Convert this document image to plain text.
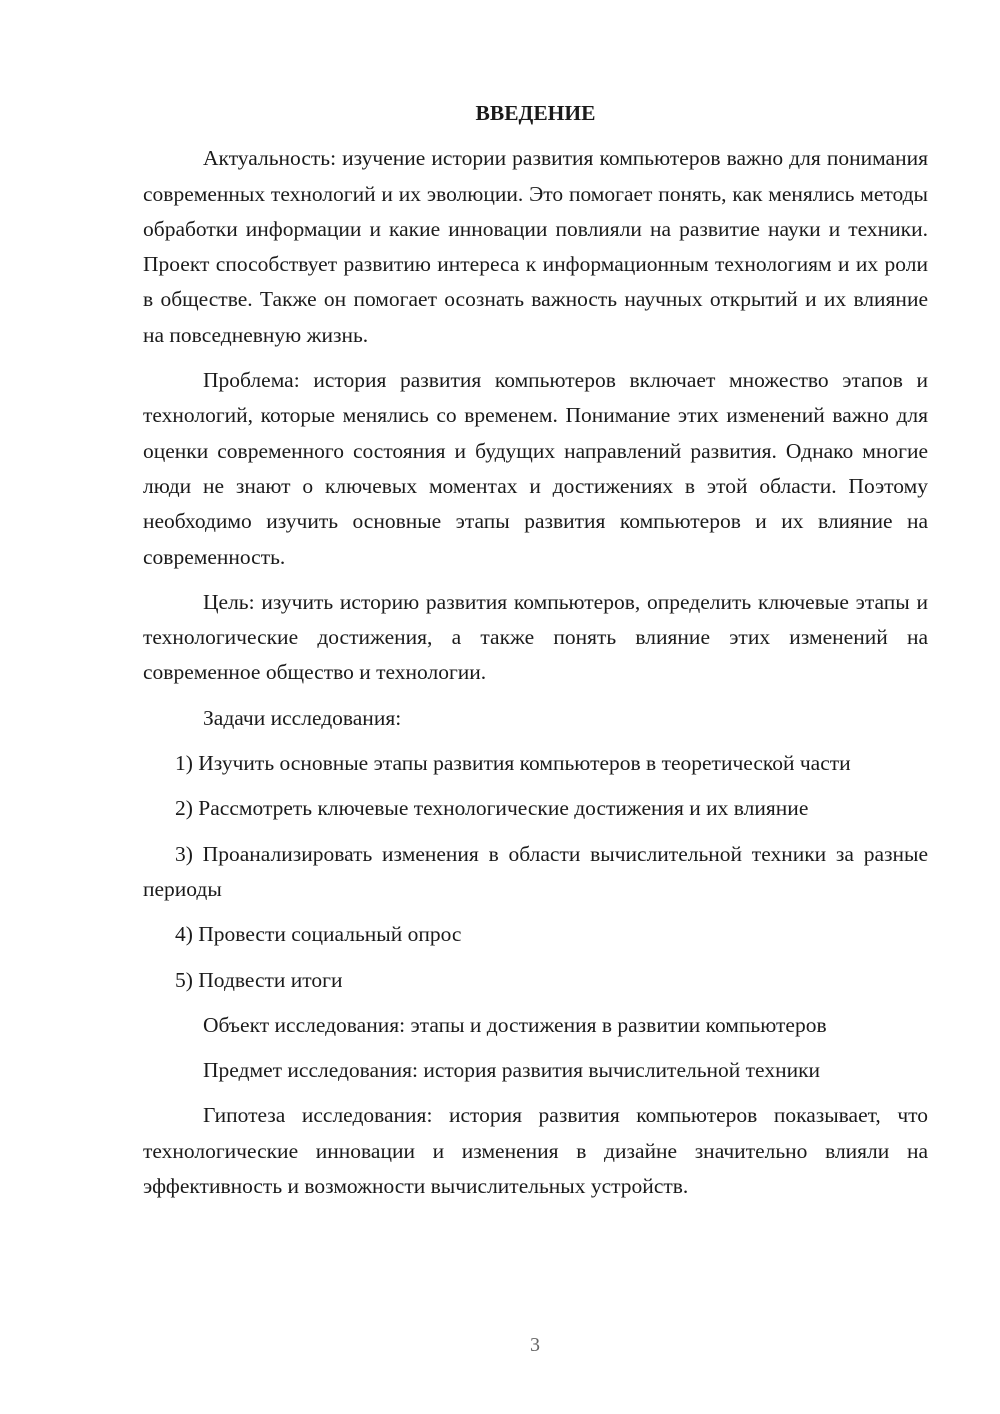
ВВЕДЕНИЕ

Актуальность: изучение истории развития компьютеров важно для понимания современных технологий и их эволюции. Это помогает понять, как менялись методы обработки информации и какие инновации повлияли на развитие науки и техники. Проект способствует развитию интереса к информационным технологиям и их роли в обществе. Также он помогает осознать важность научных открытий и их влияние на повседневную жизнь.

Проблема: история развития компьютеров включает множество этапов и технологий, которые менялись со временем. Понимание этих изменений важно для оценки современного состояния и будущих направлений развития. Однако многие люди не знают о ключевых моментах и достижениях в этой области. Поэтому необходимо изучить основные этапы развития компьютеров и их влияние на современность.

Цель: изучить историю развития компьютеров, определить ключевые этапы и технологические достижения, а также понять влияние этих изменений на современное общество и технологии.

Задачи исследования:

1) Изучить основные этапы развития компьютеров в теоретической части

2) Рассмотреть ключевые технологические достижения и их влияние

3) Проанализировать изменения в области вычислительной техники за разные периоды

4) Провести социальный опрос

5) Подвести итоги

Объект исследования: этапы и достижения в развитии компьютеров

Предмет исследования: история развития вычислительной техники

Гипотеза исследования: история развития компьютеров показывает, что технологические инновации и изменения в дизайне значительно влияли на эффективность и возможности вычислительных устройств.

3
